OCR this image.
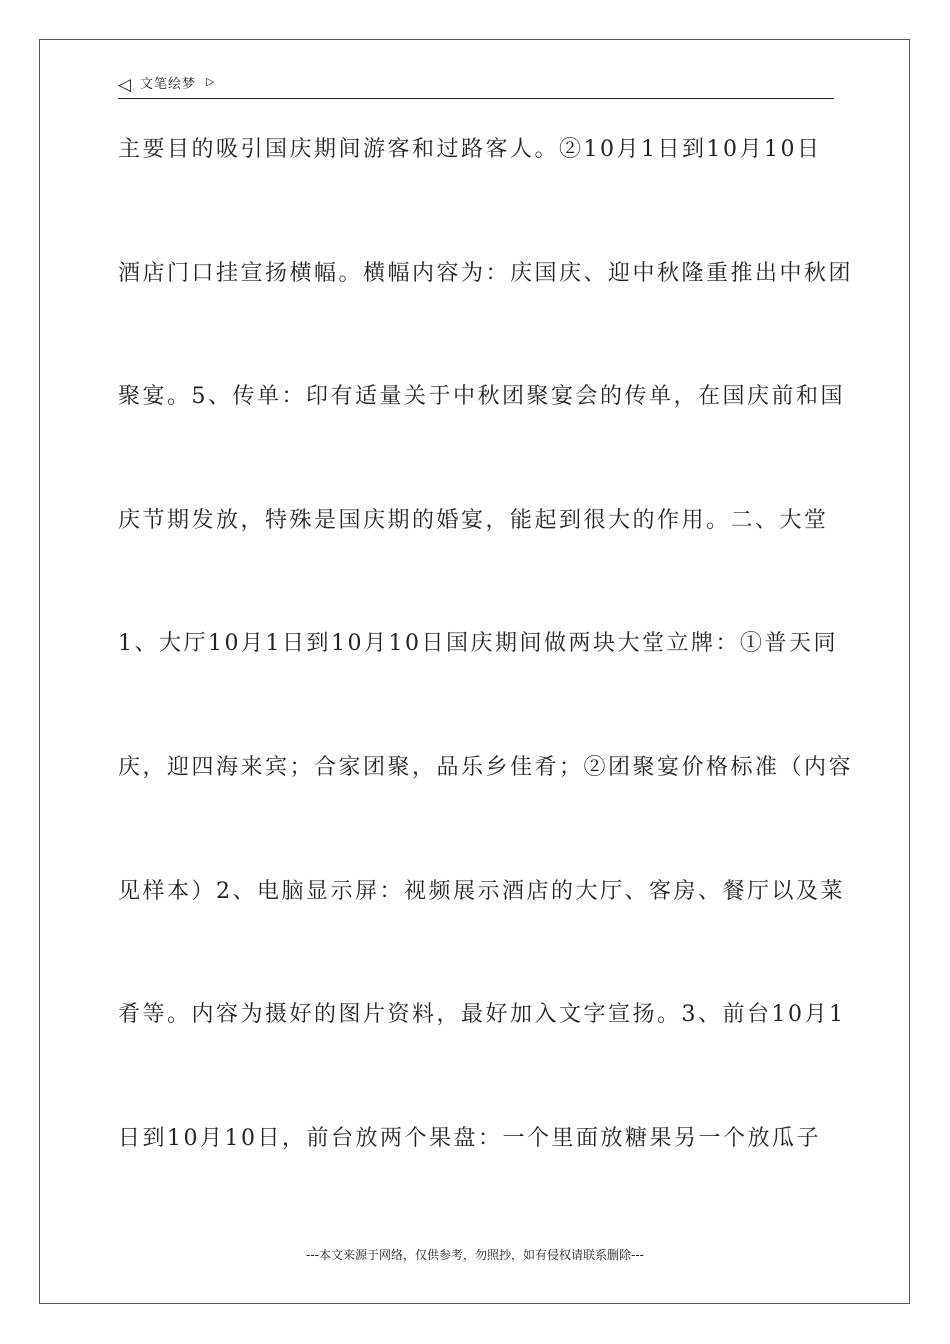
◁ 文笔绘梦 ▷
主要目的吸引国庆期间游客和过路客人。②10月1日到10月10日
酒店门口挂宣扬横幅。横幅内容为：庆国庆、迎中秋隆重推出中秋团
聚宴。5、传单：印有适量关于中秋团聚宴会的传单，在国庆前和国
庆节期发放，特殊是国庆期的婚宴，能起到很大的作用。二、大堂
1、大厅10月1日到10月10日国庆期间做两块大堂立牌：①普天同
庆，迎四海来宾；合家团聚，品乐乡佳肴；②团聚宴价格标准（内容
见样本）2、电脑显示屏：视频展示酒店的大厅、客房、餐厅以及菜
肴等。内容为摄好的图片资料，最好加入文字宣扬。3、前台10月1
日到10月10日，前台放两个果盘：一个里面放糖果另一个放瓜子
---本文来源于网络，仅供参考，勿照抄，如有侵权请联系删除---
